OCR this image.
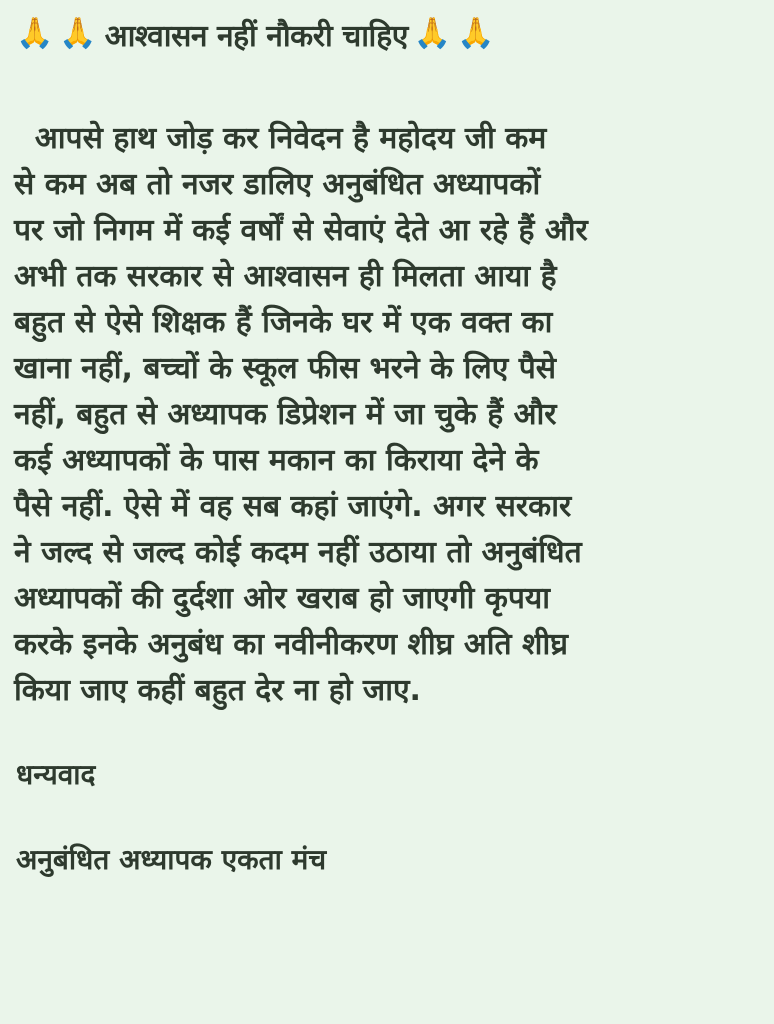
🙏 🙏 आश्वासन नहीं नौकरी चाहिए 🙏 🙏
आपसे हाथ जोड़ कर निवेदन है महोदय जी कम
से कम अब तो नजर डालिए अनुबंधित अध्यापकों
पर जो निगम में कई वर्षों से सेवाएं देते आ रहे हैं और
अभी तक सरकार से आश्वासन ही मिलता आया है
बहुत से ऐसे शिक्षक हैं जिनके घर में एक वक्त का
खाना नहीं, बच्चों के स्कूल फीस भरने के लिए पैसे
नहीं, बहुत से अध्यापक डिप्रेशन में जा चुके हैं और
कई अध्यापकों के पास मकान का किराया देने के
पैसे नहीं. ऐसे में वह सब कहां जाएंगे. अगर सरकार
ने जल्द से जल्द कोई कदम नहीं उठाया तो अनुबंधित
अध्यापकों की दुर्दशा ओर खराब हो जाएगी कृपया
करके इनके अनुबंध का नवीनीकरण शीघ्र अति शीघ्र
किया जाए कहीं बहुत देर ना हो जाए.
धन्यवाद
अनुबंधित अध्यापक एकता मंच
